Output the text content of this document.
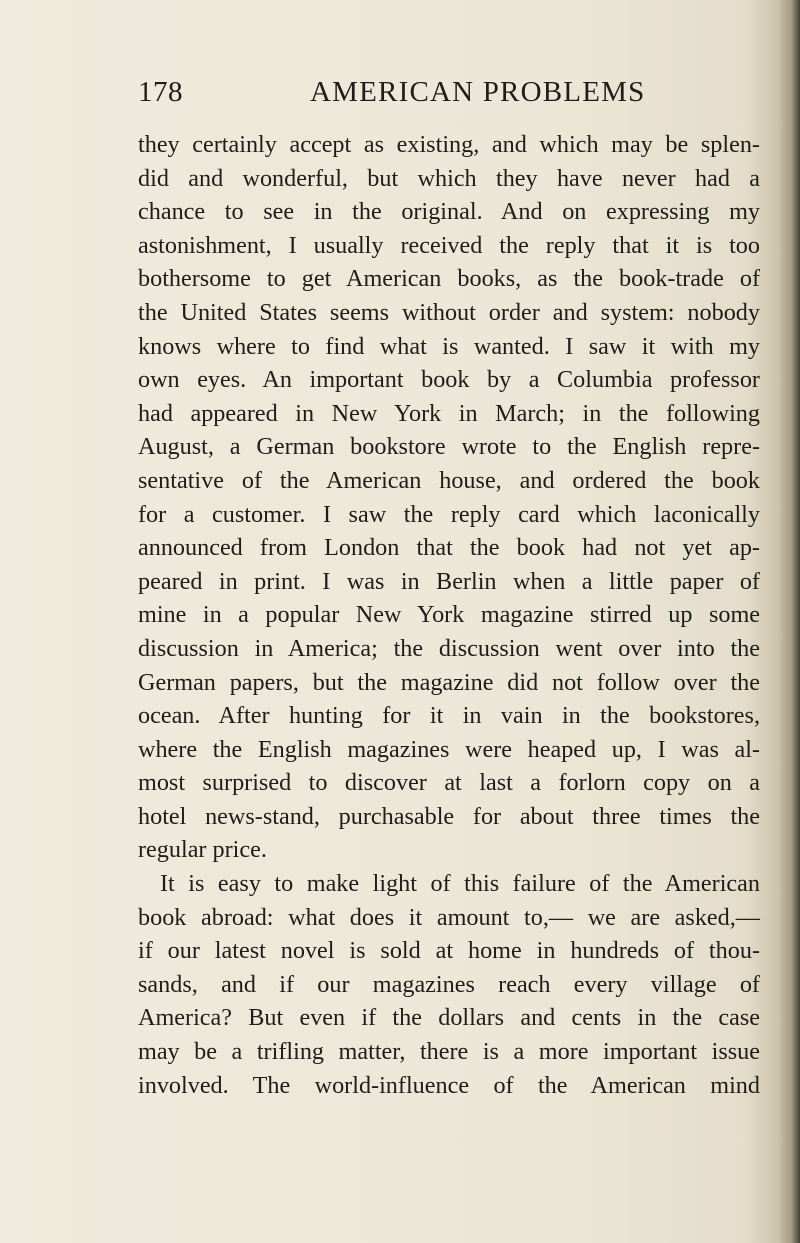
178	AMERICAN PROBLEMS
they certainly accept as existing, and which may be splen-
did and wonderful, but which they have never had a
chance to see in the original. And on expressing my
astonishment, I usually received the reply that it is too
bothersome to get American books, as the book-trade of
the United States seems without order and system: nobody
knows where to find what is wanted. I saw it with my
own eyes. An important book by a Columbia professor
had appeared in New York in March; in the following
August, a German bookstore wrote to the English repre-
sentative of the American house, and ordered the book
for a customer. I saw the reply card which laconically
announced from London that the book had not yet ap-
peared in print. I was in Berlin when a little paper of
mine in a popular New York magazine stirred up some
discussion in America; the discussion went over into the
German papers, but the magazine did not follow over the
ocean. After hunting for it in vain in the bookstores,
where the English magazines were heaped up, I was al-
most surprised to discover at last a forlorn copy on a
hotel news-stand, purchasable for about three times the
regular price.
It is easy to make light of this failure of the American
book abroad: what does it amount to,— we are asked,—
if our latest novel is sold at home in hundreds of thou-
sands, and if our magazines reach every village of
America? But even if the dollars and cents in the case
may be a trifling matter, there is a more important issue
involved. The world-influence of the American mind
